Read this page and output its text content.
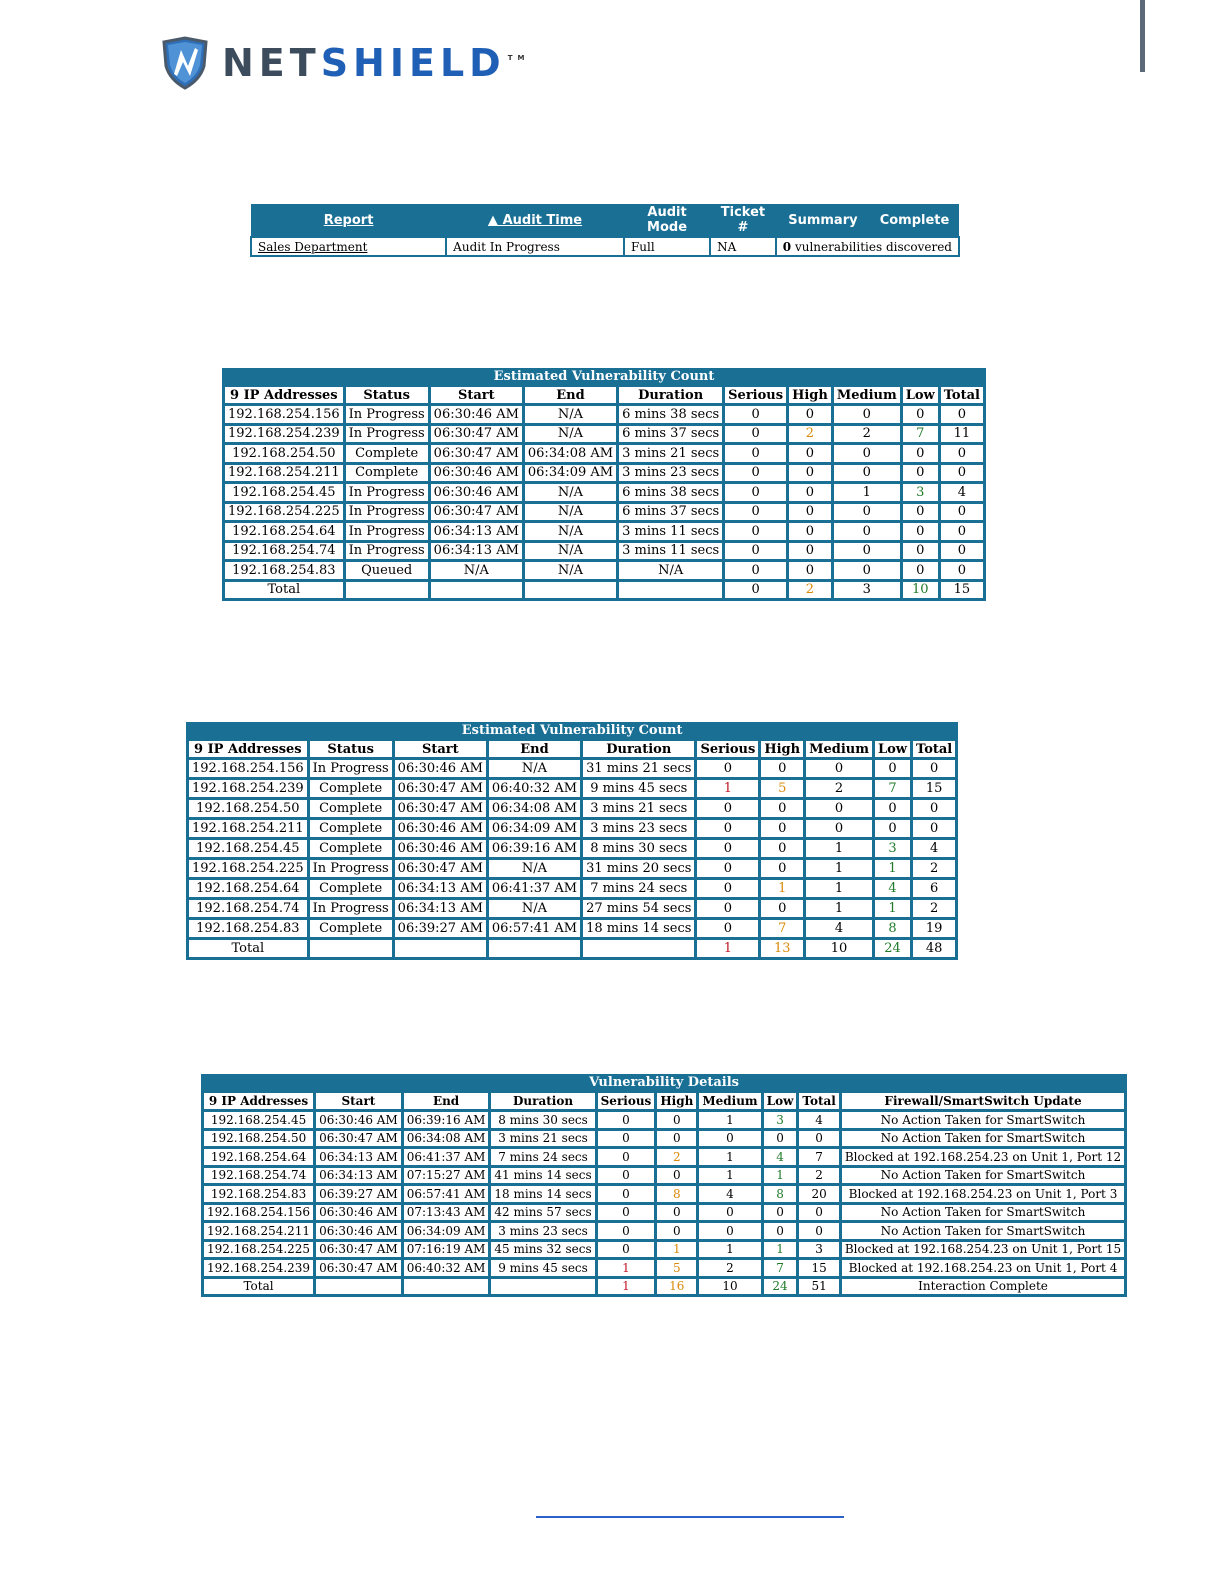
NETSHIELD ™
Report	▲ Audit Time	Audit Mode	Ticket #	Summary	Complete
Sales Department	Audit In Progress	Full	NA	0 vulnerabilities discovered	
Estimated Vulnerability Count
9 IP Addresses	Status	Start	End	Duration	Serious	High	Medium	Low	Total
192.168.254.156	In Progress	06:30:46 AM	N/A	6 mins 38 secs	0	0	0	0	0
192.168.254.239	In Progress	06:30:47 AM	N/A	6 mins 37 secs	0	2	2	7	11
192.168.254.50	Complete	06:30:47 AM	06:34:08 AM	3 mins 21 secs	0	0	0	0	0
192.168.254.211	Complete	06:30:46 AM	06:34:09 AM	3 mins 23 secs	0	0	0	0	0
192.168.254.45	In Progress	06:30:46 AM	N/A	6 mins 38 secs	0	0	1	3	4
192.168.254.225	In Progress	06:30:47 AM	N/A	6 mins 37 secs	0	0	0	0	0
192.168.254.64	In Progress	06:34:13 AM	N/A	3 mins 11 secs	0	0	0	0	0
192.168.254.74	In Progress	06:34:13 AM	N/A	3 mins 11 secs	0	0	0	0	0
192.168.254.83	Queued	N/A	N/A	N/A	0	0	0	0	0
Total					0	2	3	10	15
Estimated Vulnerability Count
9 IP Addresses	Status	Start	End	Duration	Serious	High	Medium	Low	Total
192.168.254.156	In Progress	06:30:46 AM	N/A	31 mins 21 secs	0	0	0	0	0
192.168.254.239	Complete	06:30:47 AM	06:40:32 AM	9 mins 45 secs	1	5	2	7	15
192.168.254.50	Complete	06:30:47 AM	06:34:08 AM	3 mins 21 secs	0	0	0	0	0
192.168.254.211	Complete	06:30:46 AM	06:34:09 AM	3 mins 23 secs	0	0	0	0	0
192.168.254.45	Complete	06:30:46 AM	06:39:16 AM	8 mins 30 secs	0	0	1	3	4
192.168.254.225	In Progress	06:30:47 AM	N/A	31 mins 20 secs	0	0	1	1	2
192.168.254.64	Complete	06:34:13 AM	06:41:37 AM	7 mins 24 secs	0	1	1	4	6
192.168.254.74	In Progress	06:34:13 AM	N/A	27 mins 54 secs	0	0	1	1	2
192.168.254.83	Complete	06:39:27 AM	06:57:41 AM	18 mins 14 secs	0	7	4	8	19
Total					1	13	10	24	48
Vulnerability Details
9 IP Addresses	Start	End	Duration	Serious	High	Medium	Low	Total	Firewall/SmartSwitch Update
192.168.254.45	06:30:46 AM	06:39:16 AM	8 mins 30 secs	0	0	1	3	4	No Action Taken for SmartSwitch
192.168.254.50	06:30:47 AM	06:34:08 AM	3 mins 21 secs	0	0	0	0	0	No Action Taken for SmartSwitch
192.168.254.64	06:34:13 AM	06:41:37 AM	7 mins 24 secs	0	2	1	4	7	Blocked at 192.168.254.23 on Unit 1, Port 12
192.168.254.74	06:34:13 AM	07:15:27 AM	41 mins 14 secs	0	0	1	1	2	No Action Taken for SmartSwitch
192.168.254.83	06:39:27 AM	06:57:41 AM	18 mins 14 secs	0	8	4	8	20	Blocked at 192.168.254.23 on Unit 1, Port 3
192.168.254.156	06:30:46 AM	07:13:43 AM	42 mins 57 secs	0	0	0	0	0	No Action Taken for SmartSwitch
192.168.254.211	06:30:46 AM	06:34:09 AM	3 mins 23 secs	0	0	0	0	0	No Action Taken for SmartSwitch
192.168.254.225	06:30:47 AM	07:16:19 AM	45 mins 32 secs	0	1	1	1	3	Blocked at 192.168.254.23 on Unit 1, Port 15
192.168.254.239	06:30:47 AM	06:40:32 AM	9 mins 45 secs	1	5	2	7	15	Blocked at 192.168.254.23 on Unit 1, Port 4
Total				1	16	10	24	51	Interaction Complete
